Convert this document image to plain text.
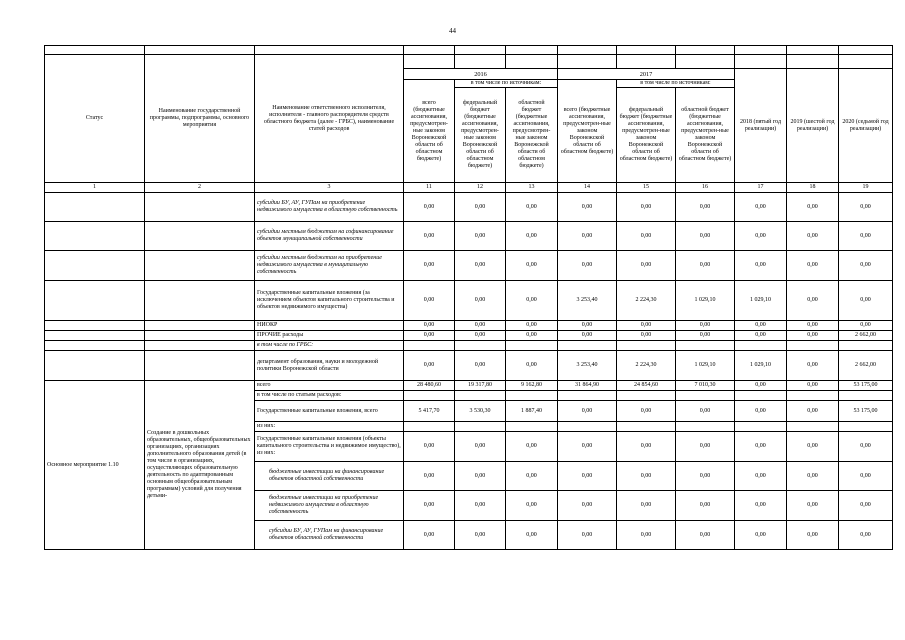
44

Статус	Наименование государственной программы, подпрограммы, основного мероприятия	Наименование ответственного исполнителя, исполнителя - главного распорядителя средств областного бюджета (далее - ГРБС), наименование статей расходов									
			2016			2017			2018 (пятый год реализации)	2019 (шестой год реализации)	2020 (седьмой год реализации)
			всего (бюджетные ассигнования, предусмотрен-ные законом Воронежской области об областном бюджете)	в том числе по источникам:		всего (бюджетные ассигнования, предусмотрен-ные законом Воронежской области об областном бюджете)	в том числе по источникам:				
				федеральный бюджет (бюджетные ассигнования, предусмотрен-ные законом Воронежской области об областном бюджете)	областной бюджет (бюджетные ассигнования, предусмотрен-ные законом Воронежской области об областном бюджете)		федеральный бюджет (бюджетные ассигнования, предусмотрен-ные законом Воронежской области об областном бюджете)	областной бюджет (бюджетные ассигнования, предусмотрен-ные законом Воронежской области об областном бюджете)			
1	2	3	11	12	13	14	15	16	17	18	19
		субсидии БУ, АУ, ГУПам на приобретение недвижимого имущества в областную собственность	0,00	0,00	0,00	0,00	0,00	0,00	0,00	0,00	0,00
		субсидии местным бюджетам на софинансирование объектов муниципальной собственности	0,00	0,00	0,00	0,00	0,00	0,00	0,00	0,00	0,00
		субсидии местным бюджетам на приобретение недвижимого имущества в муниципальную собственность	0,00	0,00	0,00	0,00	0,00	0,00	0,00	0,00	0,00
		Государственные капитальные вложения (за исключением объектов капитального строительства и объектов недвижимого имущества)	0,00	0,00	0,00	3 253,40	2 224,30	1 029,10	1 029,10	0,00	0,00
		НИОКР	0,00	0,00	0,00	0,00	0,00	0,00	0,00	0,00	0,00
		ПРОЧИЕ расходы	0,00	0,00	0,00	0,00	0,00	0,00	0,00	0,00	2 662,00
		в том числе по ГРБС:									
		департамент образования, науки и молодежной политики Воронежской области	0,00	0,00	0,00	3 253,40	2 224,30	1 029,10	1 029,10	0,00	2 662,00
Основное мероприятие 1.10	Создание в дошкольных образовательных, общеобразовательных организациях, организациях дополнительного образования детей (в том числе в организациях, осуществляющих образовательную деятельность по адаптированным основным общеобразовательным программам) условий для получения детьми-	всего	28 480,60	19 317,80	9 162,80	31 864,90	24 854,60	7 010,30	0,00	0,00	53 175,00
		в том числе по статьям расходов:									
		Государственные капитальные вложения, всего	5 417,70	3 530,30	1 887,40	0,00	0,00	0,00	0,00	0,00	53 175,00
		из них:									
		Государственные капитальные вложения (объекты капитального строительства и недвижимое имущество), из них:	0,00	0,00	0,00	0,00	0,00	0,00	0,00	0,00	0,00
		бюджетные инвестиции на финансирование объектов областной собственности	0,00	0,00	0,00	0,00	0,00	0,00	0,00	0,00	0,00
		бюджетные инвестиции на приобретение недвижимого имущества в областную собственность	0,00	0,00	0,00	0,00	0,00	0,00	0,00	0,00	0,00
		субсидии БУ, АУ, ГУПам на финансирование объектов областной собственности	0,00	0,00	0,00	0,00	0,00	0,00	0,00	0,00	0,00
